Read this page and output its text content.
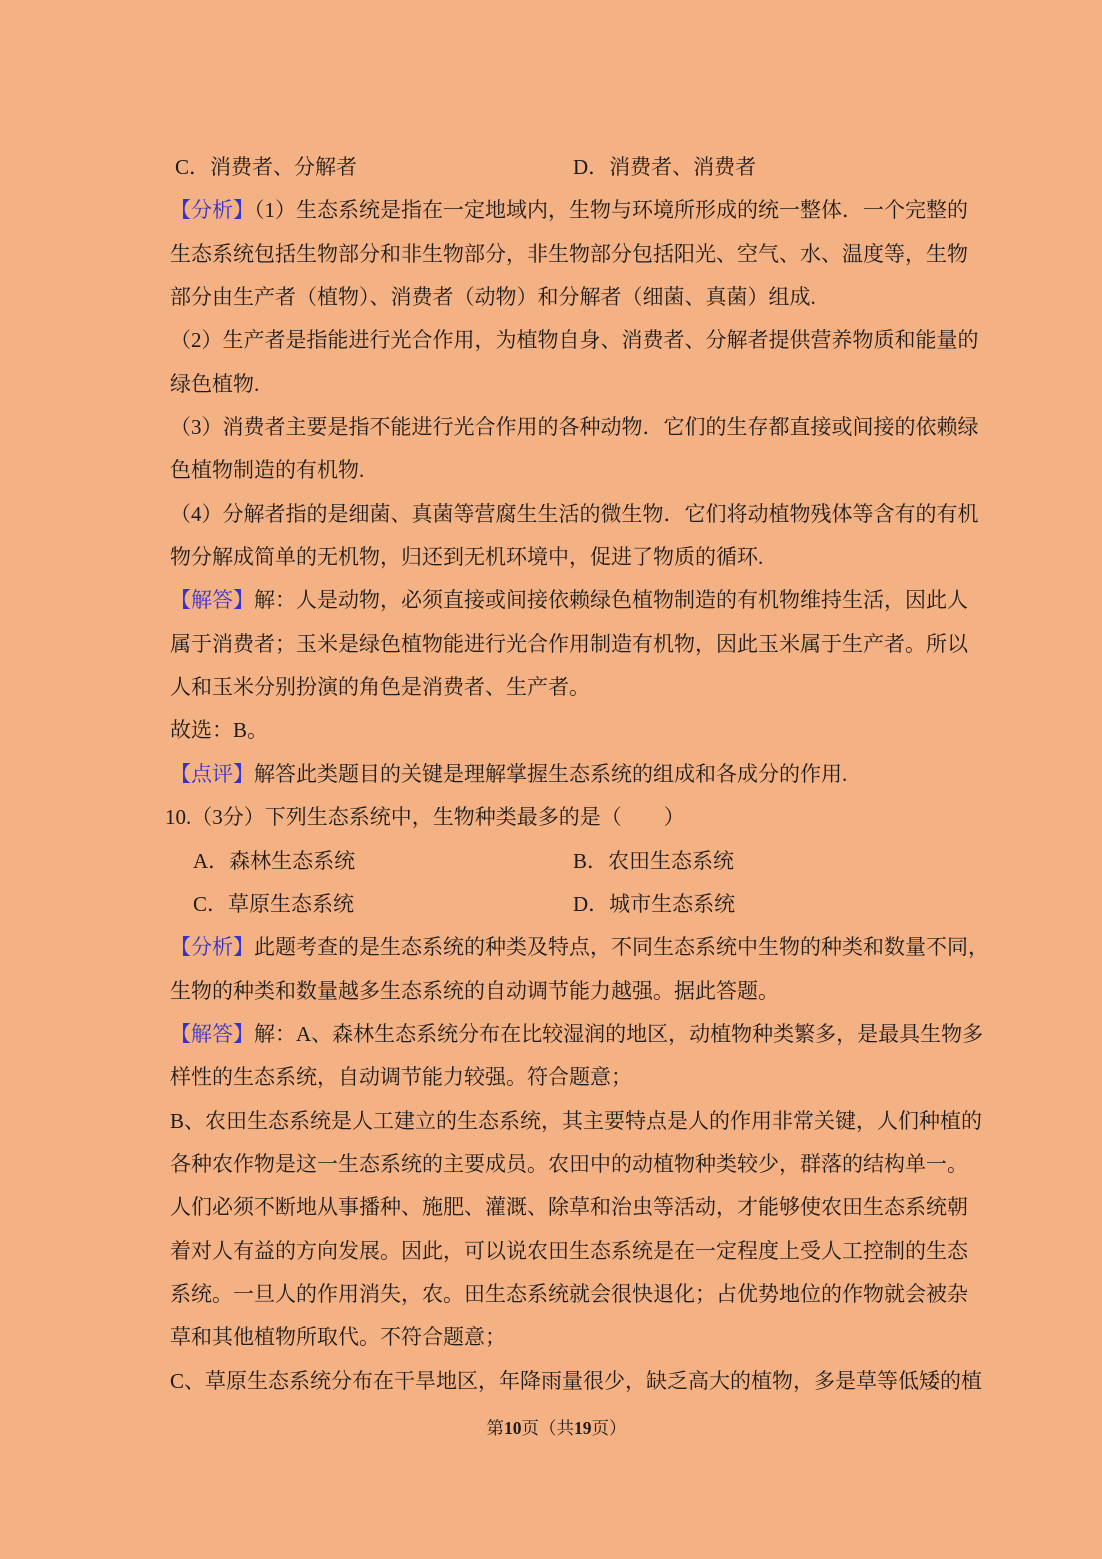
C．消费者、分解者	D．消费者、消费者
【分析】（1）生态系统是指在一定地域内，生物与环境所形成的统一整体．一个完整的
生态系统包括生物部分和非生物部分，非生物部分包括阳光、空气、水、温度等，生物
部分由生产者（植物）、消费者（动物）和分解者（细菌、真菌）组成.
（2）生产者是指能进行光合作用，为植物自身、消费者、分解者提供营养物质和能量的
绿色植物.
（3）消费者主要是指不能进行光合作用的各种动物．它们的生存都直接或间接的依赖绿
色植物制造的有机物.
（4）分解者指的是细菌、真菌等营腐生生活的微生物．它们将动植物残体等含有的有机
物分解成简单的无机物，归还到无机环境中，促进了物质的循环.
【解答】解：人是动物，必须直接或间接依赖绿色植物制造的有机物维持生活，因此人
属于消费者；玉米是绿色植物能进行光合作用制造有机物，因此玉米属于生产者。所以
人和玉米分别扮演的角色是消费者、生产者。
故选：B。
【点评】解答此类题目的关键是理解掌握生态系统的组成和各成分的作用.
10.（3分）下列生态系统中，生物种类最多的是（　　）
A．森林生态系统	B．农田生态系统
C．草原生态系统	D．城市生态系统
【分析】此题考查的是生态系统的种类及特点，不同生态系统中生物的种类和数量不同，
生物的种类和数量越多生态系统的自动调节能力越强。据此答题。
【解答】解：A、森林生态系统分布在比较湿润的地区，动植物种类繁多，是最具生物多
样性的生态系统，自动调节能力较强。符合题意；
B、农田生态系统是人工建立的生态系统，其主要特点是人的作用非常关键，人们种植的
各种农作物是这一生态系统的主要成员。农田中的动植物种类较少，群落的结构单一。
人们必须不断地从事播种、施肥、灌溉、除草和治虫等活动，才能够使农田生态系统朝
着对人有益的方向发展。因此，可以说农田生态系统是在一定程度上受人工控制的生态
系统。一旦人的作用消失，农。田生态系统就会很快退化；占优势地位的作物就会被杂
草和其他植物所取代。不符合题意；
C、草原生态系统分布在干旱地区，年降雨量很少，缺乏高大的植物，多是草等低矮的植
第10页（共19页）
